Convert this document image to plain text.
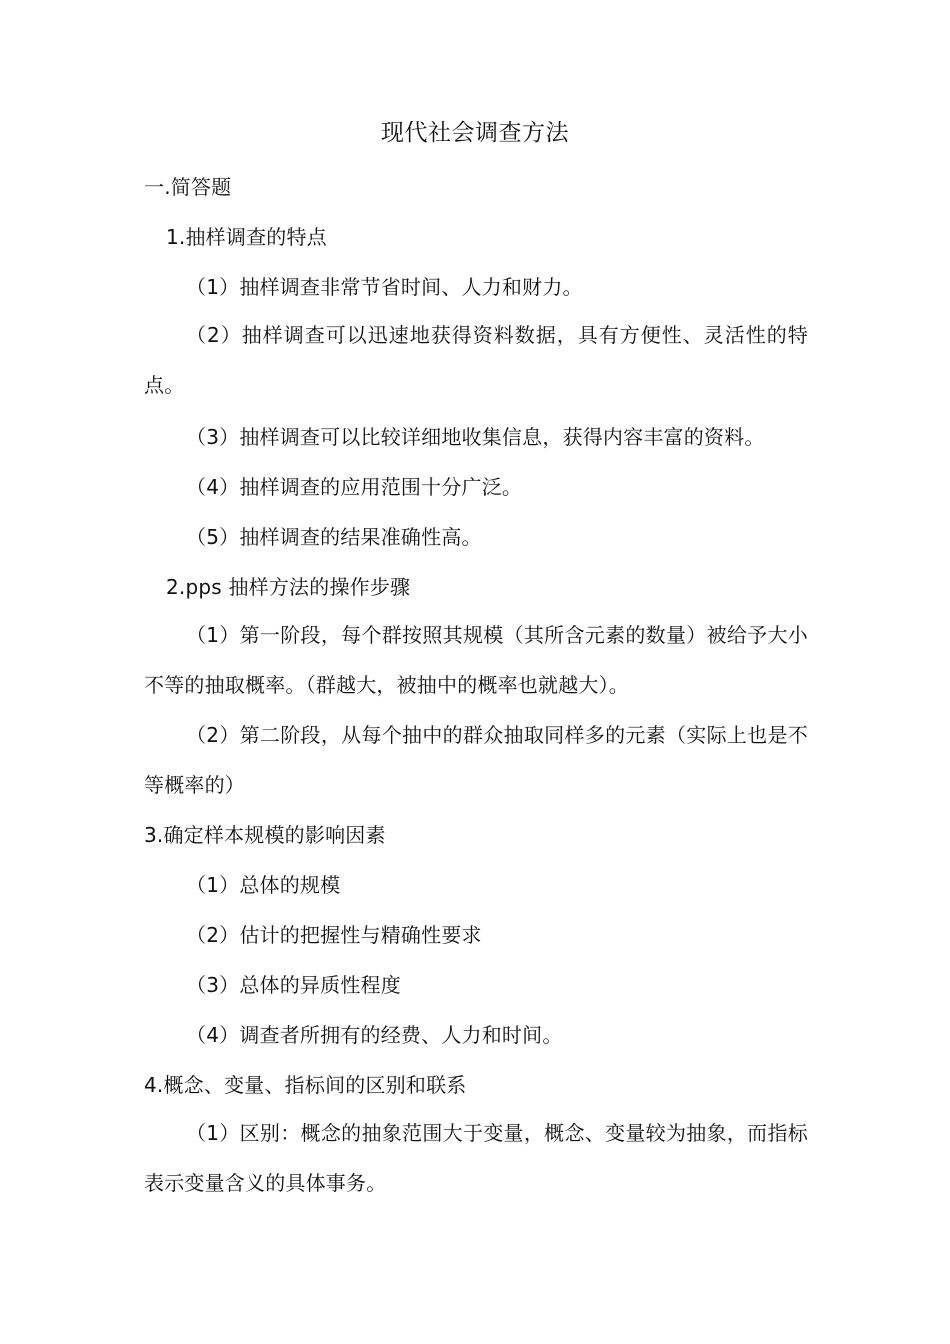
现代社会调查方法
一.简答题
1.抽样调查的特点
（1）抽样调查非常节省时间、人力和财力。
（2）抽样调查可以迅速地获得资料数据，具有方便性、灵活性的特点。
（3）抽样调查可以比较详细地收集信息，获得内容丰富的资料。
（4）抽样调查的应用范围十分广泛。
（5）抽样调查的结果准确性高。
2.pps 抽样方法的操作步骤
（1）第一阶段，每个群按照其规模（其所含元素的数量）被给予大小不等的抽取概率。（群越大，被抽中的概率也就越大）。
（2）第二阶段，从每个抽中的群众抽取同样多的元素（实际上也是不等概率的）
3.确定样本规模的影响因素
（1）总体的规模
（2）估计的把握性与精确性要求
（3）总体的异质性程度
（4）调查者所拥有的经费、人力和时间。
4.概念、变量、指标间的区别和联系
（1）区别：概念的抽象范围大于变量，概念、变量较为抽象，而指标表示变量含义的具体事务。
